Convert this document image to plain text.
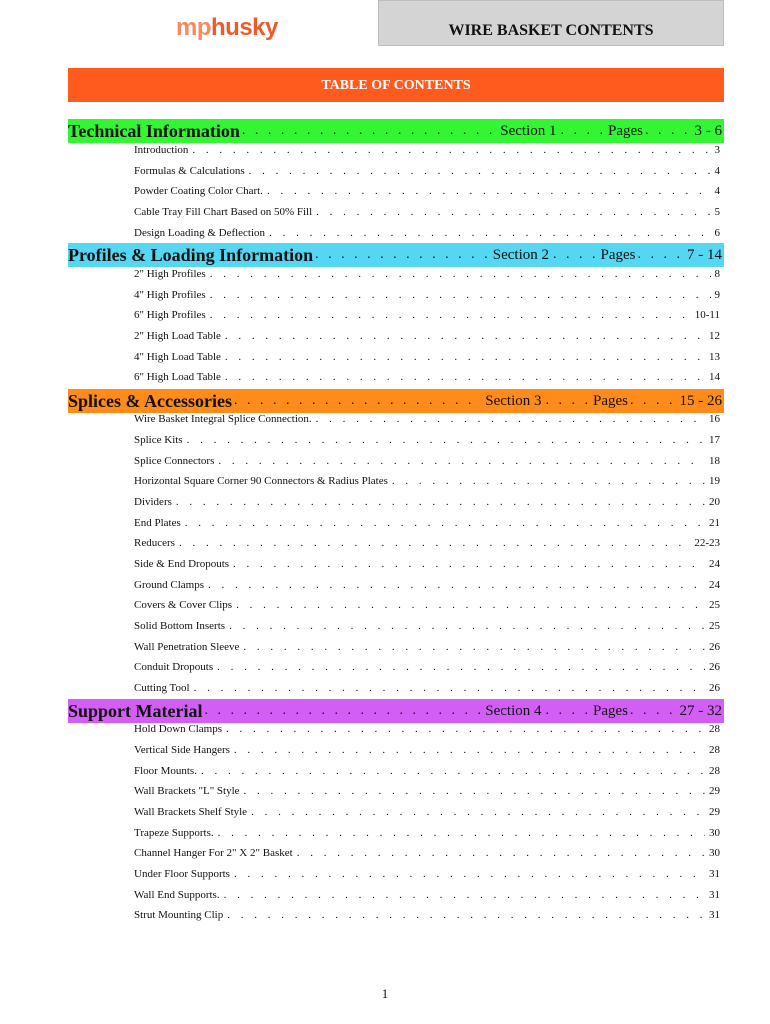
mphusky	WIRE BASKET CONTENTS
TABLE OF CONTENTS
Technical Information . . .	Section 1 . . . .	Pages . . . .	3 - 6
Introduction . . .	3
Formulas & Calculations . . .	4
Powder Coating Color Chart. . . .	4
Cable Tray Fill Chart Based on 50% Fill . . .	5
Design Loading & Deflection . . .	6
Profiles & Loading Information . . .	Section 2 . . . .	Pages . . . .	7 - 14
2" High Profiles . . .	8
4" High Profiles . . .	9
6" High Profiles . . .	10-11
2" High Load Table . . .	12
4" High Load Table . . .	13
6" High Load Table . . .	14
Splices & Accessories . . .	Section 3 . . . .	Pages . . . .	15 - 26
Wire Basket Integral Splice Connection. . . .	16
Splice Kits . . .	17
Splice Connectors . . .	18
Horizontal Square Corner 90 Connectors & Radius Plates . . .	19
Dividers . . .	20
End Plates . . .	21
Reducers . . .	22-23
Side & End Dropouts . . .	24
Ground Clamps . . .	24
Covers & Cover Clips . . .	25
Solid Bottom Inserts . . .	25
Wall Penetration Sleeve . . .	26
Conduit Dropouts . . .	26
Cutting Tool . . .	26
Support Material . . .	Section 4 . . . .	Pages . . . .	27 - 32
Hold Down Clamps . . .	28
Vertical Side Hangers . . .	28
Floor Mounts. . . .	28
Wall Brackets "L" Style . . .	29
Wall Brackets Shelf Style . . .	29
Trapeze Supports. . . .	30
Channel Hanger For 2" X 2" Basket . . .	30
Under Floor Supports . . .	31
Wall End Supports. . . .	31
Strut Mounting Clip . . .	31
1
